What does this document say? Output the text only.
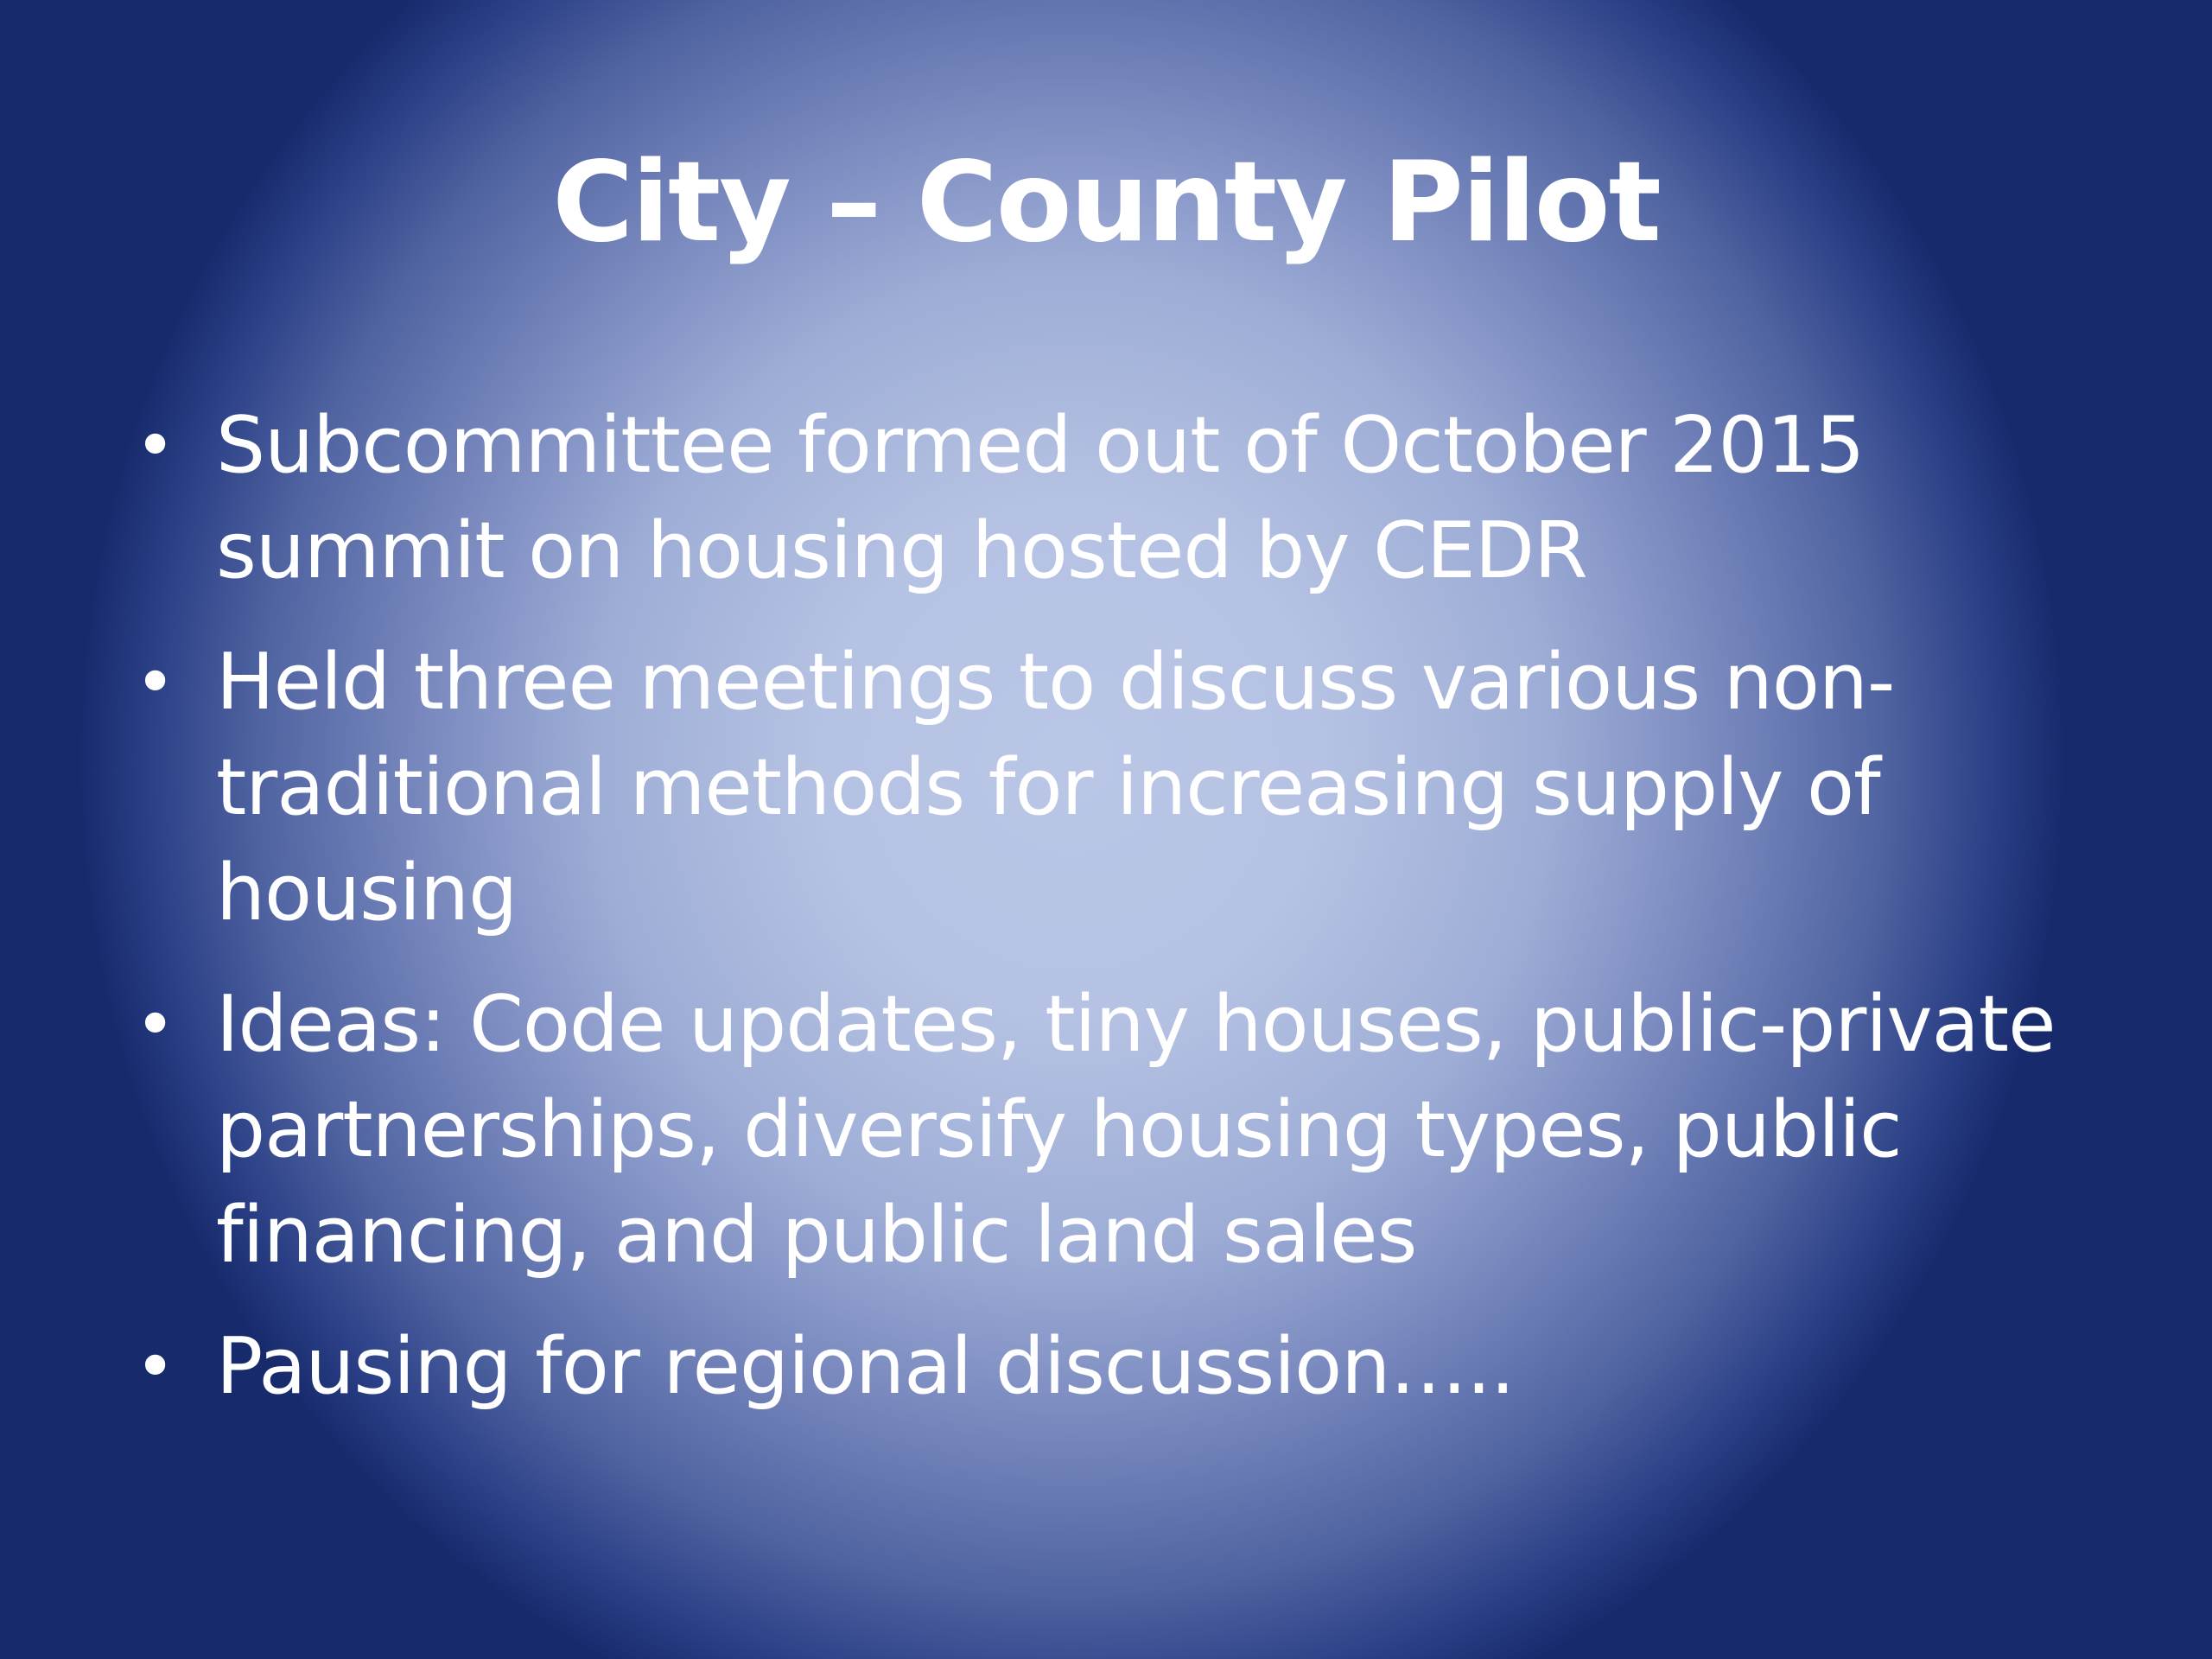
City – County Pilot
• Subcommittee formed out of October 2015 summit on housing hosted by CEDR
• Held three meetings to discuss various non-traditional methods for increasing supply of housing
• Ideas: Code updates, tiny houses, public-private partnerships, diversify housing types, public financing, and public land sales
• Pausing for regional discussion…..
